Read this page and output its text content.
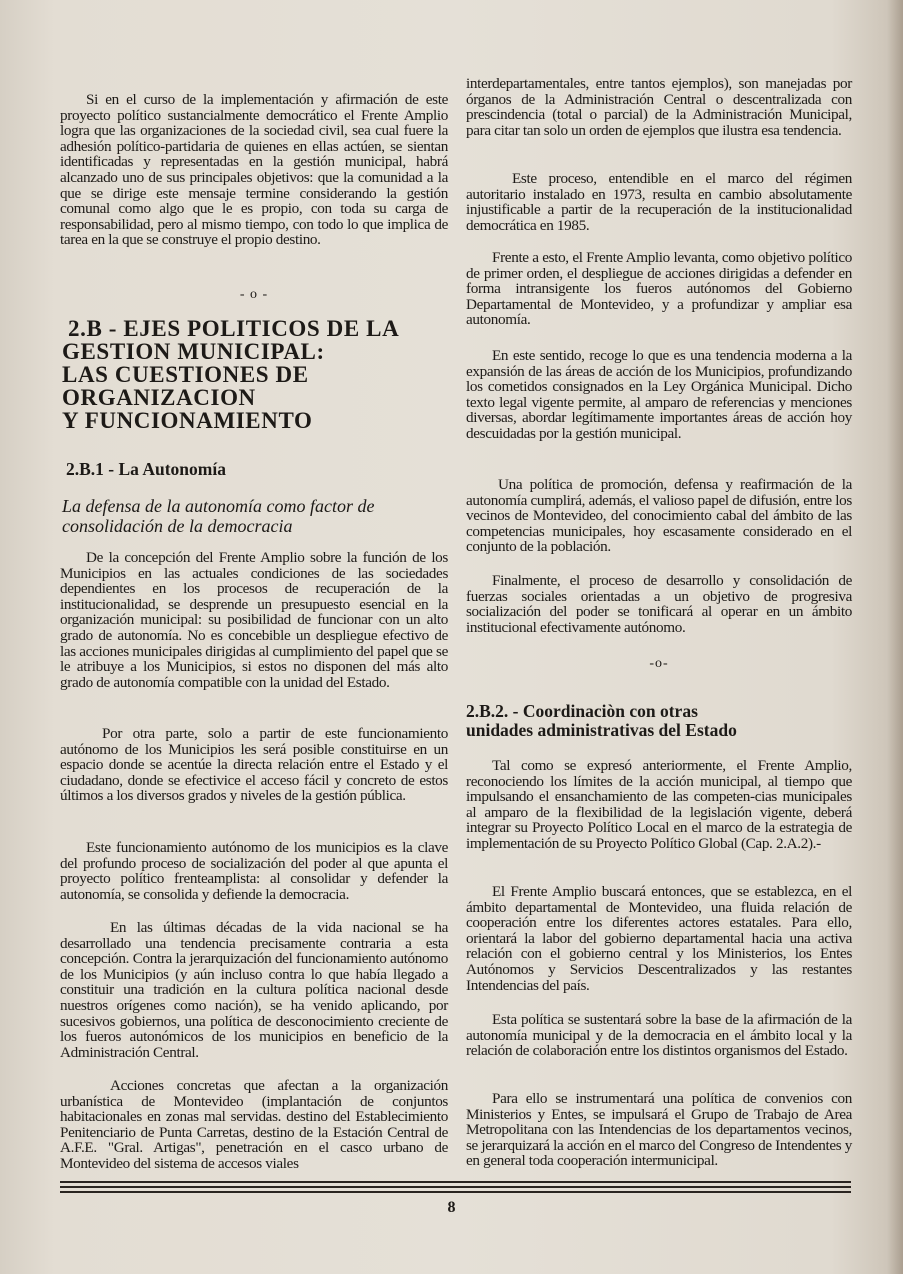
Si en el curso de la implementación y afirmación de este proyecto político sustancialmente democrático el Frente Amplio logra que las organizaciones de la sociedad civil, sea cual fuere la adhesión político-partidaria de quienes en ellas actúen, se sientan identificadas y representadas en la gestión municipal, habrá alcanzado uno de sus principales objetivos: que la comunidad a la que se dirige este mensaje termine considerando la gestión comunal como algo que le es propio, con toda su carga de responsabilidad, pero al mismo tiempo, con todo lo que implica de tarea en la que se construye el propio destino.

- o -

2.B - EJES POLITICOS DE LA
GESTION MUNICIPAL:
LAS CUESTIONES DE
ORGANIZACION
Y FUNCIONAMIENTO
2.B.1 - La Autonomía
La defensa de la autonomía como factor de
consolidación de la democracia

De la concepción del Frente Amplio sobre la función de los Municipios en las actuales condiciones de las sociedades dependientes en los procesos de recuperación de la institucionalidad, se desprende un presupuesto esencial en la organización municipal: su posibilidad de funcionar con un alto grado de autonomía. No es concebible un despliegue efectivo de las acciones municipales dirigidas al cumplimiento del papel que se le atribuye a los Municipios, si estos no disponen del más alto grado de autonomía compatible con la unidad del Estado.

Por otra parte, solo a partir de este funcionamiento autónomo de los Municipios les será posible constituirse en un espacio donde se acentúe la directa relación entre el Estado y el ciudadano, donde se efectivice el acceso fácil y concreto de estos últimos a los diversos grados y niveles de la gestión pública.

Este funcionamiento autónomo de los municipios es la clave del profundo proceso de socialización del poder al que apunta el proyecto político frenteamplista: al consolidar y defender la autonomía, se consolida y defiende la democracia.

En las últimas décadas de la vida nacional se ha desarrollado una tendencia precisamente contraria a esta concepción. Contra la jerarquización del funcionamiento autónomo de los Municipios (y aún incluso contra lo que había llegado a constituir una tradición en la cultura política nacional desde nuestros orígenes como nación), se ha venido aplicando, por sucesivos gobiernos, una política de desconocimiento creciente de los fueros autonómicos de los municipios en beneficio de la Administración Central.

Acciones concretas que afectan a la organización urbanística de Montevideo (implantación de conjuntos habitacionales en zonas mal servidas. destino del Establecimiento Penitenciario de Punta Carretas, destino de la Estación Central de A.F.E. "Gral. Artigas", penetración en el casco urbano de Montevideo del sistema de accesos viales

interdepartamentales, entre tantos ejemplos), son manejadas por órganos de la Administración Central o descentralizada con prescindencia (total o parcial) de la Administración Municipal, para citar tan solo un orden de ejemplos que ilustra esa tendencia.

Este proceso, entendible en el marco del régimen autoritario instalado en 1973, resulta en cambio absolutamente injustificable a partir de la recuperación de la institucionalidad democrática en 1985.

Frente a esto, el Frente Amplio levanta, como objetivo político de primer orden, el despliegue de acciones dirigidas a defender en forma intransigente los fueros autónomos del Gobierno Departamental de Montevideo, y a profundizar y ampliar esa autonomía.

En este sentido, recoge lo que es una tendencia moderna a la expansión de las áreas de acción de los Municipios, profundizando los cometidos consignados en la Ley Orgánica Municipal. Dicho texto legal vigente permite, al amparo de referencias y menciones diversas, abordar legítimamente importantes áreas de acción hoy descuidadas por la gestión municipal.

Una política de promoción, defensa y reafirmación de la autonomía cumplirá, además, el valioso papel de difusión, entre los vecinos de Montevideo, del conocimiento cabal del ámbito de las competencias municipales, hoy escasamente considerado en el conjunto de la población.

Finalmente, el proceso de desarrollo y consolidación de fuerzas sociales orientadas a un objetivo de progresiva socialización del poder se tonificará al operar en un ámbito institucional efectivamente autónomo.

-o-

2.B.2. - Coordinaciòn con otras
unidades administrativas del Estado

Tal como se expresó anteriormente, el Frente Amplio, reconociendo los límites de la acción municipal, al tiempo que impulsando el ensanchamiento de las competen-cias municipales al amparo de la flexibilidad de la legislación vigente, deberá integrar su Proyecto Político Local en el marco de la estrategia de implementación de su Proyecto Político Global (Cap. 2.A.2).-

El Frente Amplio buscará entonces, que se establezca, en el ámbito departamental de Montevideo, una fluida relación de cooperación entre los diferentes actores estatales. Para ello, orientará la labor del gobierno departamental hacia una activa relación con el gobierno central y los Ministerios, los Entes Autónomos y Servicios Descentralizados y las restantes Intendencias del país.

Esta política se sustentará sobre la base de la afirmación de la autonomía municipal y de la democracia en el ámbito local y la relación de colaboración entre los distintos organismos del Estado.

Para ello se instrumentará una política de convenios con Ministerios y Entes, se impulsará el Grupo de Trabajo de Area Metropolitana con las Intendencias de los departamentos vecinos, se jerarquizará la acción en el marco del Congreso de Intendentes y en general toda cooperación intermunicipal.

8
